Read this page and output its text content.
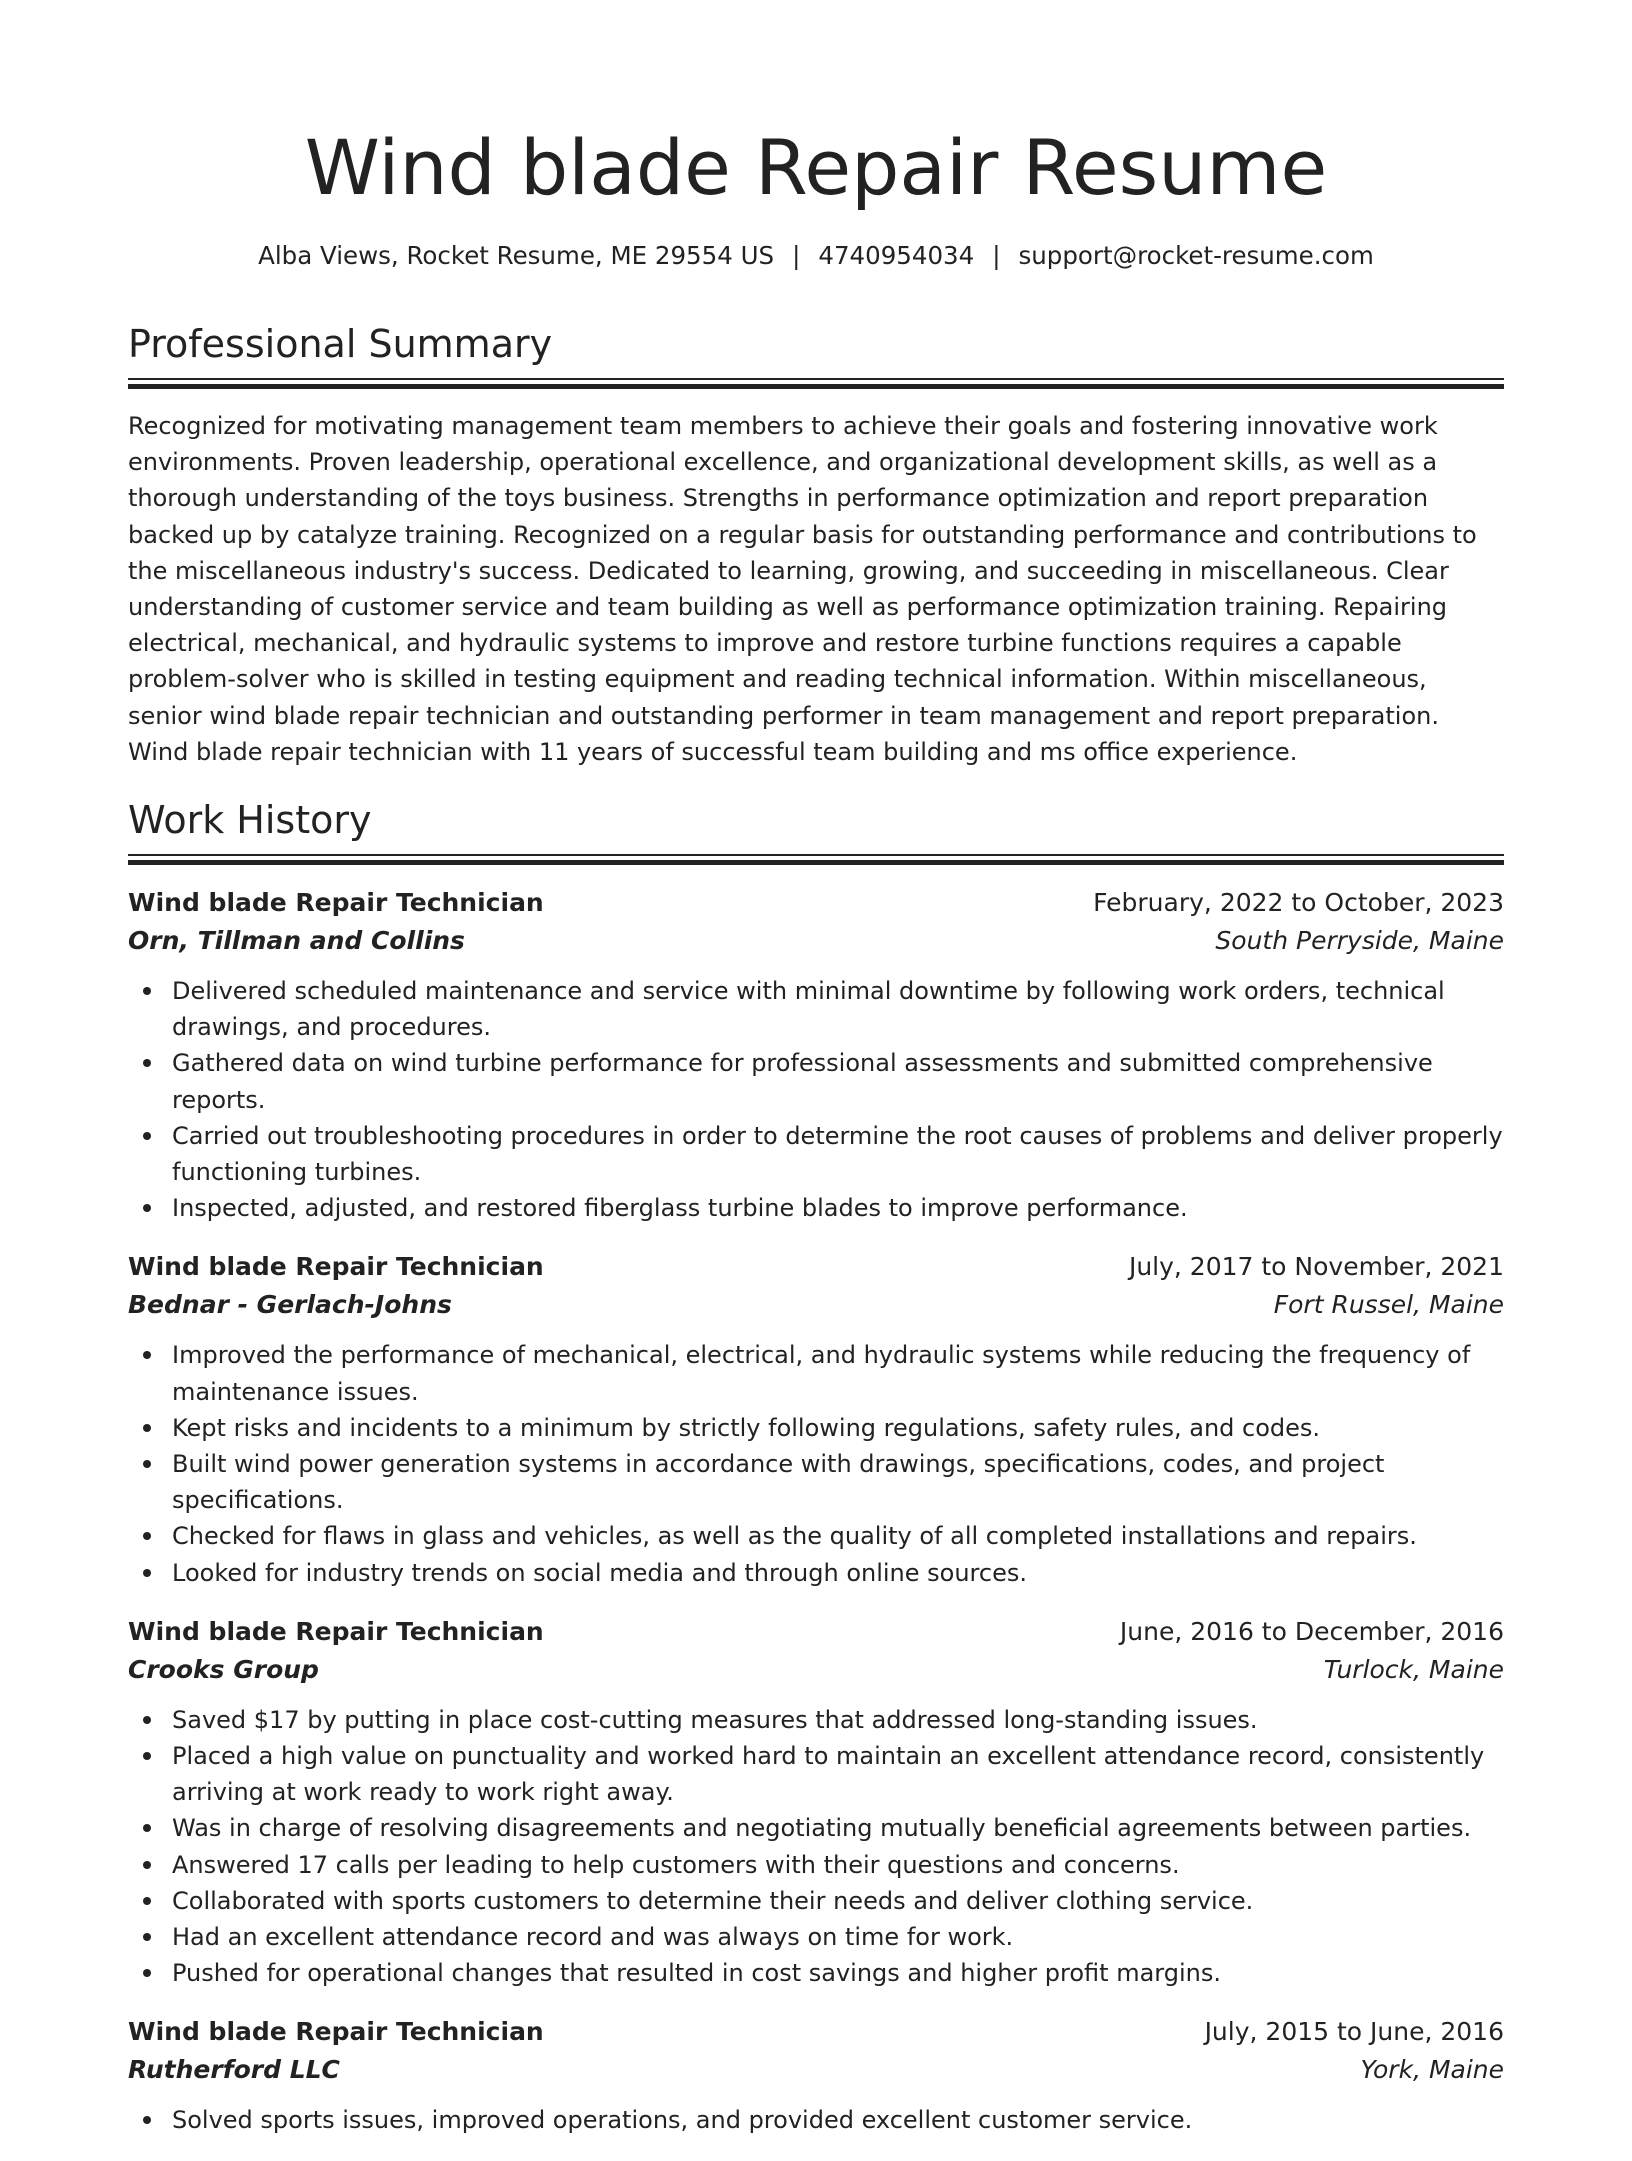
Wind blade Repair Resume
Alba Views, Rocket Resume, ME 29554 US | 4740954034 | support@rocket-resume.com
Professional Summary

Recognized for motivating management team members to achieve their goals and fostering innovative work environments. Proven leadership, operational excellence, and organizational development skills, as well as a thorough understanding of the toys business. Strengths in performance optimization and report preparation backed up by catalyze training. Recognized on a regular basis for outstanding performance and contributions to the miscellaneous industry's success. Dedicated to learning, growing, and succeeding in miscellaneous. Clear understanding of customer service and team building as well as performance optimization training. Repairing electrical, mechanical, and hydraulic systems to improve and restore turbine functions requires a capable problem-solver who is skilled in testing equipment and reading technical information. Within miscellaneous, senior wind blade repair technician and outstanding performer in team management and report preparation. Wind blade repair technician with 11 years of successful team building and ms office experience.

Work History
Wind blade Repair Technician	February, 2022 to October, 2023
Orn, Tillman and Collins	South Perryside, Maine
Delivered scheduled maintenance and service with minimal downtime by following work orders, technical drawings, and procedures.
Gathered data on wind turbine performance for professional assessments and submitted comprehensive reports.
Carried out troubleshooting procedures in order to determine the root causes of problems and deliver properly functioning turbines.
Inspected, adjusted, and restored fiberglass turbine blades to improve performance.
Wind blade Repair Technician	July, 2017 to November, 2021
Bednar - Gerlach-Johns	Fort Russel, Maine
Improved the performance of mechanical, electrical, and hydraulic systems while reducing the frequency of maintenance issues.
Kept risks and incidents to a minimum by strictly following regulations, safety rules, and codes.
Built wind power generation systems in accordance with drawings, specifications, codes, and project specifications.
Checked for flaws in glass and vehicles, as well as the quality of all completed installations and repairs.
Looked for industry trends on social media and through online sources.
Wind blade Repair Technician	June, 2016 to December, 2016
Crooks Group	Turlock, Maine
Saved $17 by putting in place cost-cutting measures that addressed long-standing issues.
Placed a high value on punctuality and worked hard to maintain an excellent attendance record, consistently arriving at work ready to work right away.
Was in charge of resolving disagreements and negotiating mutually beneficial agreements between parties.
Answered 17 calls per leading to help customers with their questions and concerns.
Collaborated with sports customers to determine their needs and deliver clothing service.
Had an excellent attendance record and was always on time for work.
Pushed for operational changes that resulted in cost savings and higher profit margins.
Wind blade Repair Technician	July, 2015 to June, 2016
Rutherford LLC	York, Maine
Solved sports issues, improved operations, and provided excellent customer service.
